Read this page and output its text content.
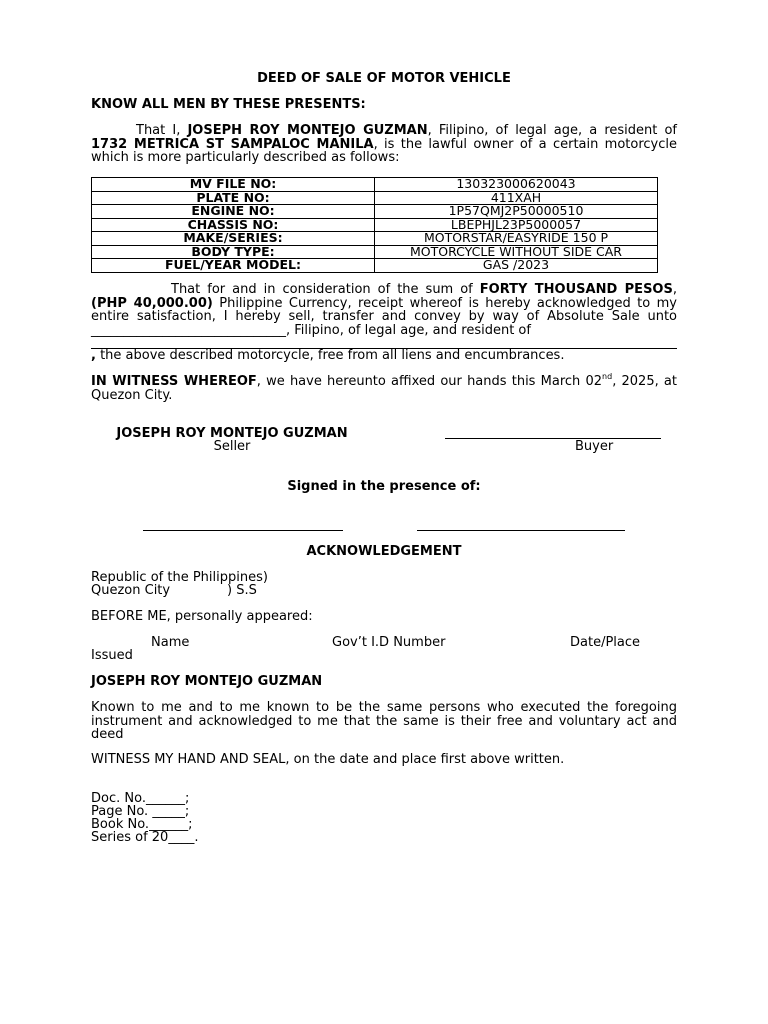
DEED OF SALE OF MOTOR VEHICLE
KNOW ALL MEN BY THESE PRESENTS:
That I, JOSEPH ROY MONTEJO GUZMAN, Filipino, of legal age, a resident of 1732 METRICA ST SAMPALOC MANILA, is the lawful owner of a certain motorcycle which is more particularly described as follows:
MV FILE NO:	130323000620043
PLATE NO:	411XAH
ENGINE NO:	1P57QMJ2P50000510
CHASSIS NO:	LBEPHJL23P5000057
MAKE/SERIES:	MOTORSTAR/EASYRIDE 150 P
BODY TYPE:	MOTORCYCLE WITHOUT SIDE CAR
FUEL/YEAR MODEL:	GAS /2023
That for and in consideration of the sum of FORTY THOUSAND PESOS, (PHP 40,000.00) Philippine Currency, receipt whereof is hereby acknowledged to my entire satisfaction, I hereby sell, transfer and convey by way of Absolute Sale unto ______________________________, Filipino, of legal age, and resident of
, the above described motorcycle, free from all liens and encumbrances.
IN WITNESS WHEREOF, we have hereunto affixed our hands this March 02nd, 2025, at Quezon City.
JOSEPH ROY MONTEJO GUZMAN
Seller	Buyer
Signed in the presence of:
ACKNOWLEDGEMENT
Republic of the Philippines)
Quezon City	) S.S
BEFORE ME, personally appeared:
Name	Gov’t I.D Number	Date/Place
Issued
JOSEPH ROY MONTEJO GUZMAN
Known to me and to me known to be the same persons who executed the foregoing instrument and acknowledged to me that the same is their free and voluntary act and deed
WITNESS MY HAND AND SEAL, on the date and place first above written.
Doc. No.______;
Page No. _____;
Book No.______;
Series of 20____.
